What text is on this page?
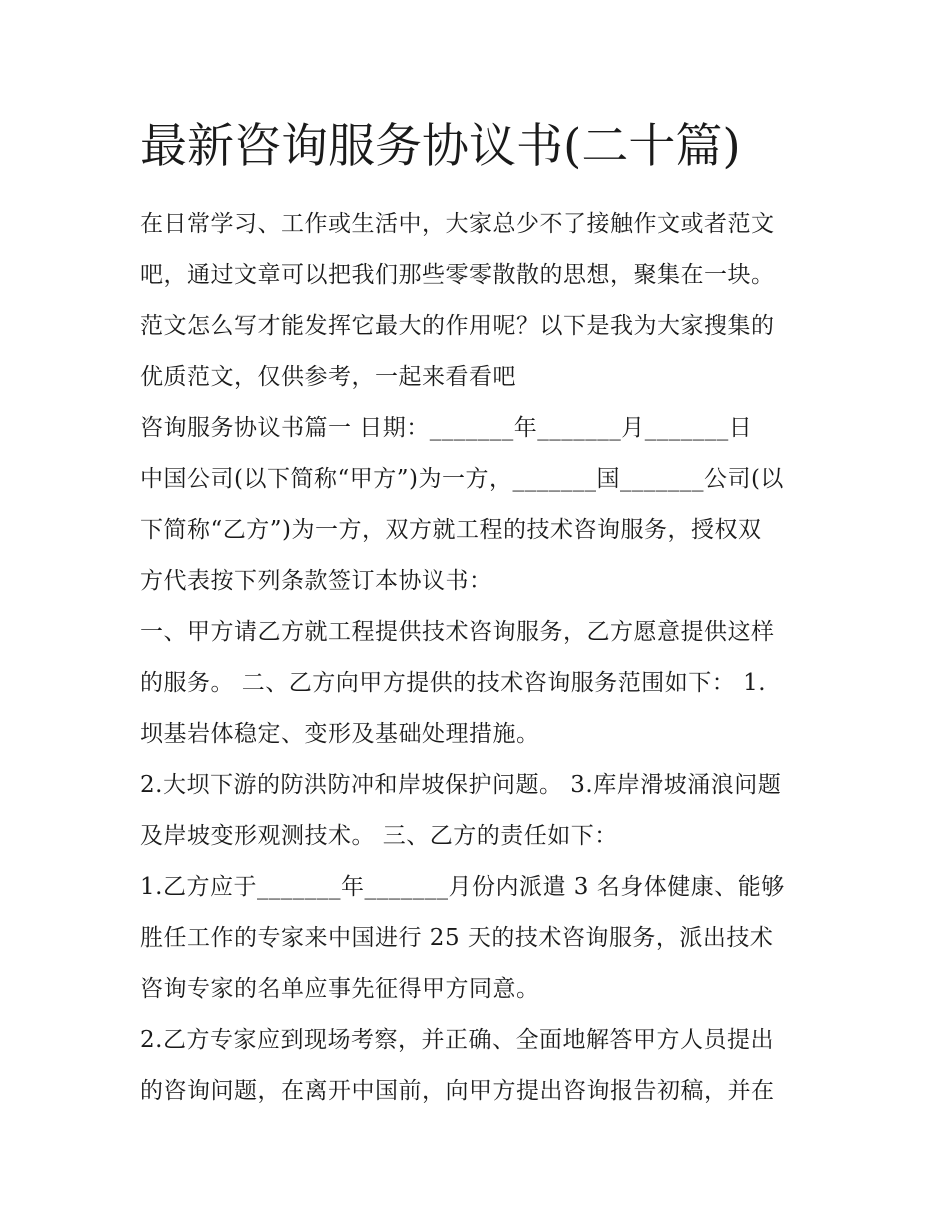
最新咨询服务协议书(二十篇)
在日常学习、工作或生活中，大家总少不了接触作文或者范文
吧，通过文章可以把我们那些零零散散的思想，聚集在一块。
范文怎么写才能发挥它最大的作用呢？以下是我为大家搜集的
优质范文，仅供参考，一起来看看吧
咨询服务协议书篇一 日期：_______年_______月_______日
中国公司(以下简称“甲方”)为一方，_______国_______公司(以
下简称“乙方”)为一方，双方就工程的技术咨询服务，授权双
方代表按下列条款签订本协议书：
一、甲方请乙方就工程提供技术咨询服务，乙方愿意提供这样
的服务。 二、乙方向甲方提供的技术咨询服务范围如下： 1.
坝基岩体稳定、变形及基础处理措施。
2.大坝下游的防洪防冲和岸坡保护问题。 3.库岸滑坡涌浪问题
及岸坡变形观测技术。 三、乙方的责任如下：
1.乙方应于_______年_______月份内派遣 3 名身体健康、能够
胜任工作的专家来中国进行 25 天的技术咨询服务，派出技术
咨询专家的名单应事先征得甲方同意。
2.乙方专家应到现场考察，并正确、全面地解答甲方人员提出
的咨询问题，在离开中国前，向甲方提出咨询报告初稿，并在
